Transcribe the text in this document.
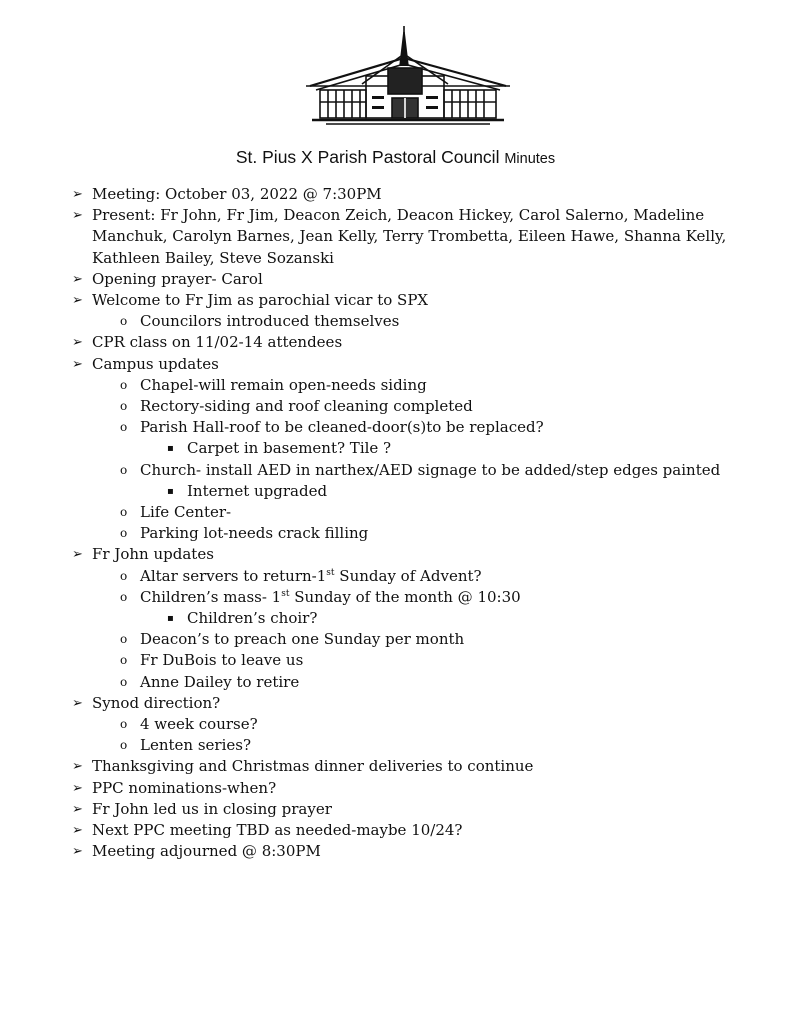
St. Pius X Parish Pastoral Council Minutes
➢ Meeting: October 03, 2022 @ 7:30PM
➢ Present: Fr John, Fr Jim, Deacon Zeich, Deacon Hickey, Carol Salerno, Madeline Manchuk, Carolyn Barnes, Jean Kelly, Terry Trombetta, Eileen Hawe, Shanna Kelly, Kathleen Bailey, Steve Sozanski
➢ Opening prayer- Carol
➢ Welcome to Fr Jim as parochial vicar to SPX
o Councilors introduced themselves
➢ CPR class on 11/02-14 attendees
➢ Campus updates
o Chapel-will remain open-needs siding
o Rectory-siding and roof cleaning completed
o Parish Hall-roof to be cleaned-door(s)to be replaced?
▪ Carpet in basement? Tile ?
o Church- install AED in narthex/AED signage to be added/step edges painted
▪ Internet upgraded
o Life Center-
o Parking lot-needs crack filling
➢ Fr John updates
o Altar servers to return-1st Sunday of Advent?
o Children’s mass- 1st Sunday of the month @ 10:30
▪ Children’s choir?
o Deacon’s to preach one Sunday per month
o Fr DuBois to leave us
o Anne Dailey to retire
➢ Synod direction?
o 4 week course?
o Lenten series?
➢ Thanksgiving and Christmas dinner deliveries to continue
➢ PPC nominations-when?
➢ Fr John led us in closing prayer
➢ Next PPC meeting TBD as needed-maybe 10/24?
➢ Meeting adjourned @ 8:30PM
